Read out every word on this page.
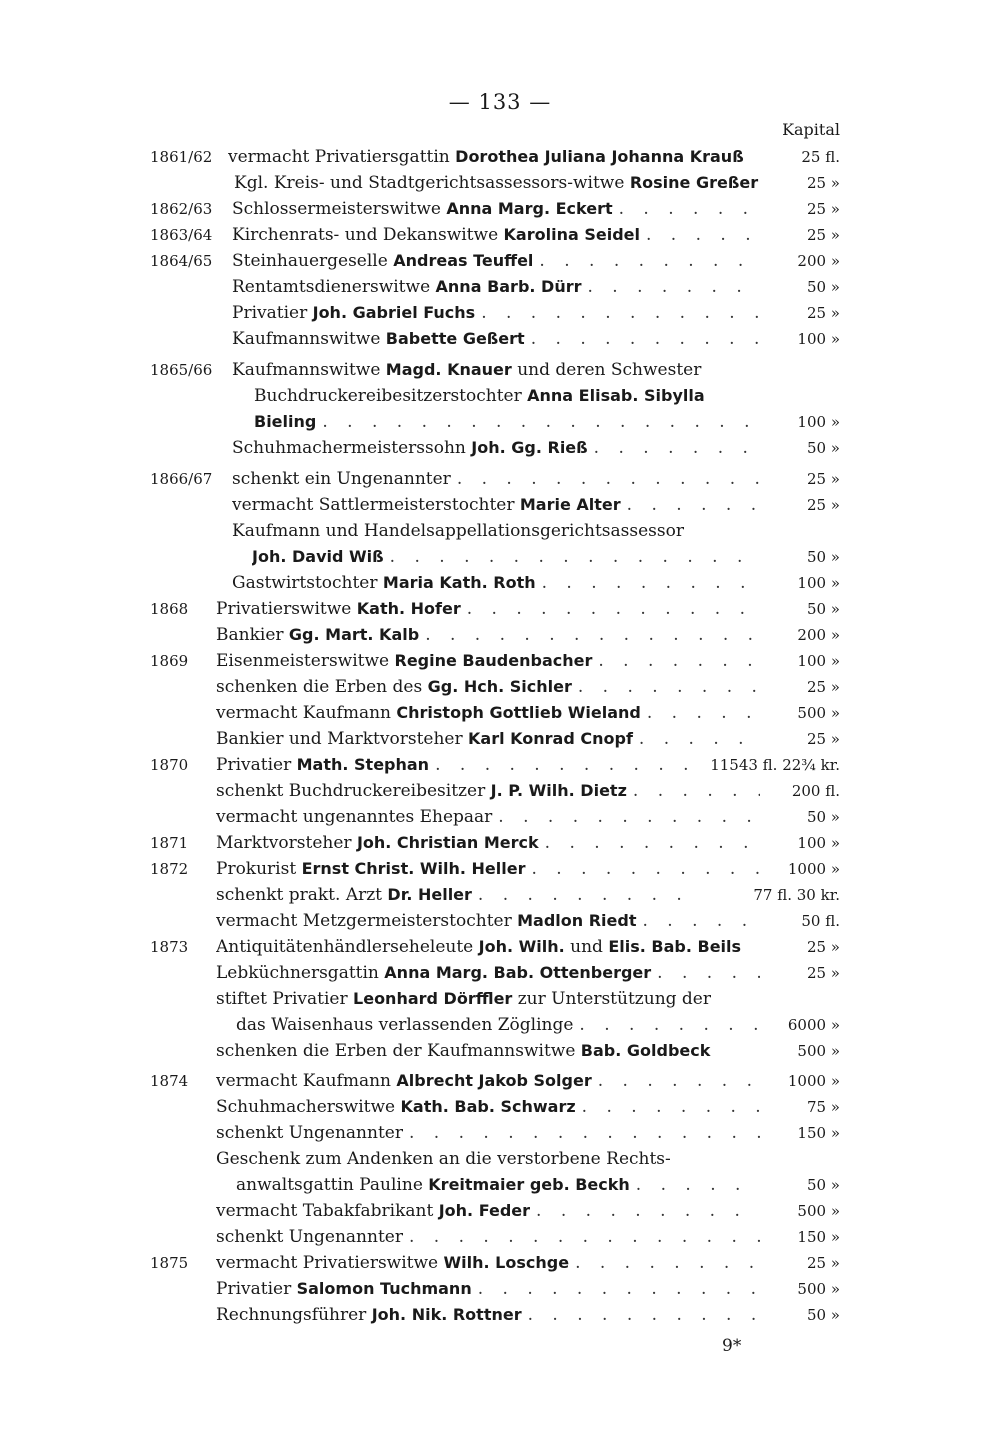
— 133 —
Kapital
1861/62 vermacht Privatiersgattin Dorothea Juliana Johanna Krauß	25 fl.
Kgl. Kreis- und Stadtgerichtsassessors-witwe Rosine Greßer	25 »
1862/63 Schlossermeisterswitwe Anna Marg. Eckert . . .	25 »
1863/64 Kirchenrats- und Dekanswitwe Karolina Seidel . . .	25 »
1864/65 Steinhauergeselle Andreas Teuffel . . .	200 »
Rentamtsdienerswitwe Anna Barb. Dürr . . .	50 »
Privatier Joh. Gabriel Fuchs . . .	25 »
Kaufmannswitwe Babette Geßert . . .	100 »
1865/66 Kaufmannswitwe Magd. Knauer und deren Schwester
Buchdruckereibesitzerstochter Anna Elisab. Sibylla
Bieling . . .	100 »
Schuhmachermeisterssohn Joh. Gg. Rieß . . .	50 »
1866/67 schenkt ein Ungenannter . . .	25 »
vermacht Sattlermeisterstochter Marie Alter . . .	25 »
Kaufmann und Handelsappellationsgerichtsassessor
Joh. David Wiß . . .	50 »
Gastwirtstochter Maria Kath. Roth . . .	100 »
1868 Privatierswitwe Kath. Hofer . . .	50 »
Bankier Gg. Mart. Kalb . . .	200 »
1869 Eisenmeisterswitwe Regine Baudenbacher . . .	100 »
schenken die Erben des Gg. Hch. Sichler . . .	25 »
vermacht Kaufmann Christoph Gottlieb Wieland . . .	500 »
Bankier und Marktvorsteher Karl Konrad Cnopf . . .	25 »
1870 Privatier Math. Stephan . . .	11543 fl. 22¾ kr.
schenkt Buchdruckereibesitzer J. P. Wilh. Dietz . . .	200 fl.
vermacht ungenanntes Ehepaar . . .	50 »
1871 Marktvorsteher Joh. Christian Merck . . .	100 »
1872 Prokurist Ernst Christ. Wilh. Heller . . .	1000 »
schenkt prakt. Arzt Dr. Heller . . .	77 fl. 30 kr.
vermacht Metzgermeisterstochter Madlon Riedt . . .	50 fl.
1873 Antiquitätenhändlerseheleute Joh. Wilh. und Elis. Bab. Beils	25 »
Lebküchnersgattin Anna Marg. Bab. Ottenberger . . .	25 »
stiftet Privatier Leonhard Dörffler zur Unterstützung der
das Waisenhaus verlassenden Zöglinge . . .	6000 »
schenken die Erben der Kaufmannswitwe Bab. Goldbeck	500 »
1874 vermacht Kaufmann Albrecht Jakob Solger . . .	1000 »
Schuhmacherswitwe Kath. Bab. Schwarz . . .	75 »
schenkt Ungenannter . . .	150 »
Geschenk zum Andenken an die verstorbene Rechts-
anwaltsgattin Pauline Kreitmaier geb. Beckh . . .	50 »
vermacht Tabakfabrikant Joh. Feder . . .	500 »
schenkt Ungenannter . . .	150 »
1875 vermacht Privatierswitwe Wilh. Loschge . . .	25 »
Privatier Salomon Tuchmann . . .	500 »
Rechnungsführer Joh. Nik. Rottner . . .	50 »
9*
